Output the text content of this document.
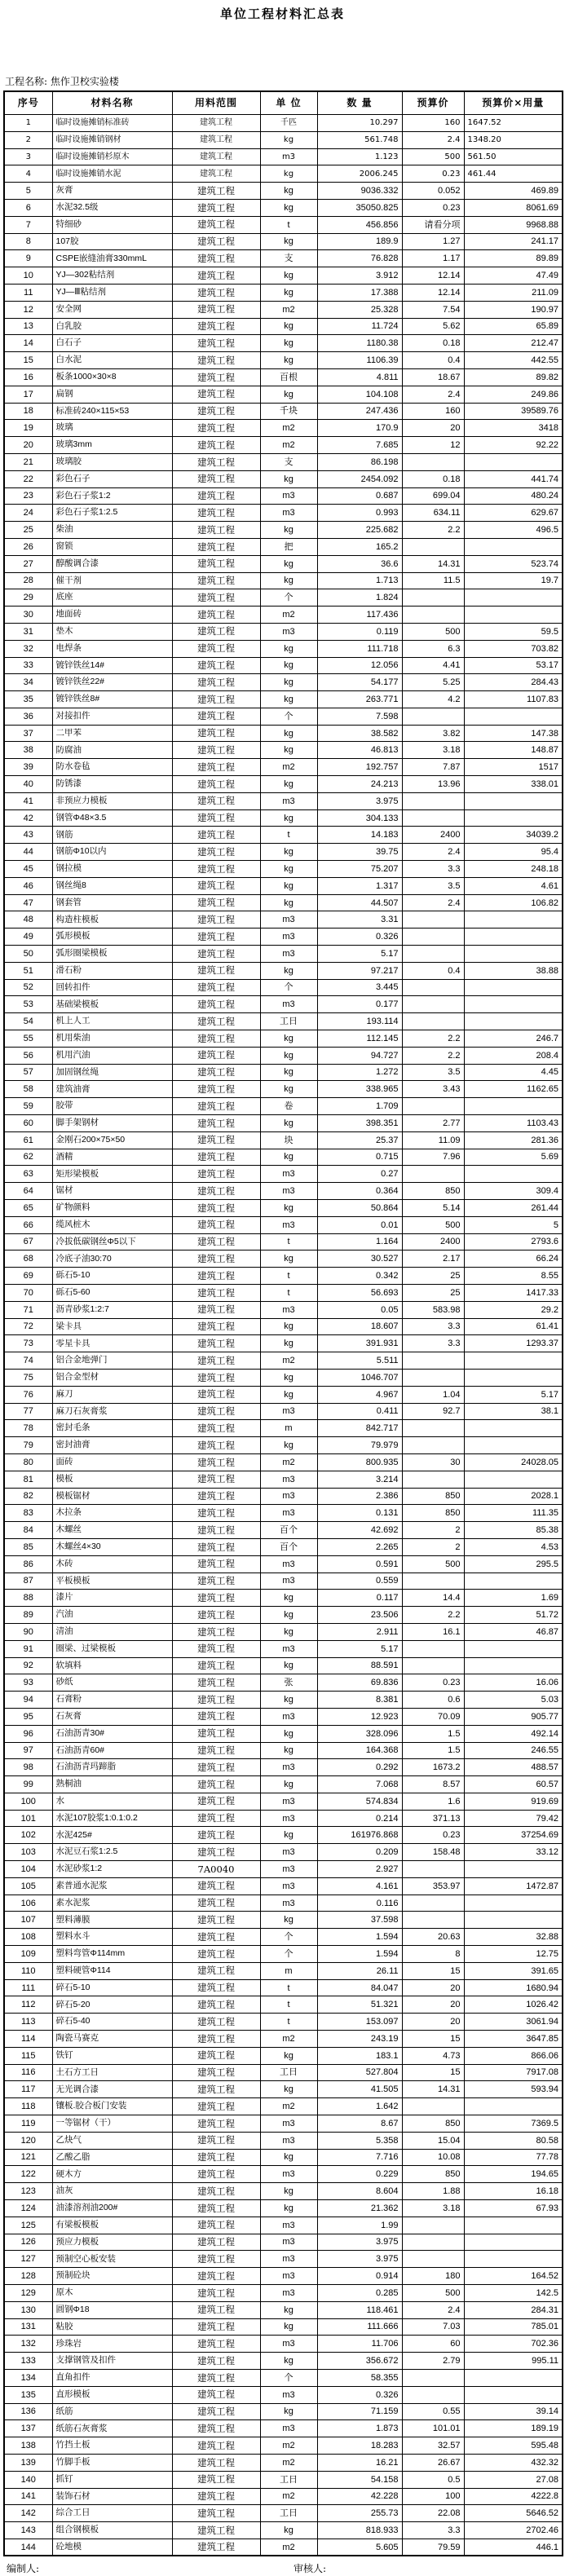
单位工程材料汇总表
工程名称: 焦作卫校实验楼
序号	材料名称	用料范围	单 位	数 量	预算价	预算价×用量
1	临时设施摊销标准砖	建筑工程	千匹	10.297	160	1647.52
2	临时设施摊销钢材	建筑工程	kg	561.748	2.4	1348.20
3	临时设施摊销杉原木	建筑工程	m3	1.123	500	561.50
4	临时设施摊销水泥	建筑工程	kg	2006.245	0.23	461.44
5	灰膏	建筑工程	kg	9036.332	0.052	469.89
6	水泥32.5级	建筑工程	kg	35050.825	0.23	8061.69
7	特细砂	建筑工程	t	456.856	请看分项	9968.88
8	107胶	建筑工程	kg	189.9	1.27	241.17
9	CSPE嵌缝油膏330mmL	建筑工程	支	76.828	1.17	89.89
10	YJ—302粘结剂	建筑工程	kg	3.912	12.14	47.49
11	YJ—Ⅲ粘结剂	建筑工程	kg	17.388	12.14	211.09
12	安全网	建筑工程	m2	25.328	7.54	190.97
13	白乳胶	建筑工程	kg	11.724	5.62	65.89
14	白石子	建筑工程	kg	1180.38	0.18	212.47
15	白水泥	建筑工程	kg	1106.39	0.4	442.55
16	板条1000×30×8	建筑工程	百根	4.811	18.67	89.82
17	扁钢	建筑工程	kg	104.108	2.4	249.86
18	标准砖240×115×53	建筑工程	千块	247.436	160	39589.76
19	玻璃	建筑工程	m2	170.9	20	3418
20	玻璃3mm	建筑工程	m2	7.685	12	92.22
21	玻璃胶	建筑工程	支	86.198		
22	彩色石子	建筑工程	kg	2454.092	0.18	441.74
23	彩色石子浆1:2	建筑工程	m3	0.687	699.04	480.24
24	彩色石子浆1:2.5	建筑工程	m3	0.993	634.11	629.67
25	柴油	建筑工程	kg	225.682	2.2	496.5
26	窗锁	建筑工程	把	165.2		
27	醇酸调合漆	建筑工程	kg	36.6	14.31	523.74
28	催干剂	建筑工程	kg	1.713	11.5	19.7
29	底座	建筑工程	个	1.824		
30	地面砖	建筑工程	m2	117.436		
31	垫木	建筑工程	m3	0.119	500	59.5
32	电焊条	建筑工程	kg	111.718	6.3	703.82
33	镀锌铁丝14#	建筑工程	kg	12.056	4.41	53.17
34	镀锌铁丝22#	建筑工程	kg	54.177	5.25	284.43
35	镀锌铁丝8#	建筑工程	kg	263.771	4.2	1107.83
36	对接扣件	建筑工程	个	7.598		
37	二甲苯	建筑工程	kg	38.582	3.82	147.38
38	防腐油	建筑工程	kg	46.813	3.18	148.87
39	防水卷毡	建筑工程	m2	192.757	7.87	1517
40	防锈漆	建筑工程	kg	24.213	13.96	338.01
41	非预应力模板	建筑工程	m3	3.975		
42	钢管Φ48×3.5	建筑工程	kg	304.133		
43	钢筋	建筑工程	t	14.183	2400	34039.2
44	钢筋Φ10以内	建筑工程	kg	39.75	2.4	95.4
45	钢拉模	建筑工程	kg	75.207	3.3	248.18
46	钢丝绳8	建筑工程	kg	1.317	3.5	4.61
47	钢套管	建筑工程	kg	44.507	2.4	106.82
48	构造柱模板	建筑工程	m3	3.31		
49	弧形模板	建筑工程	m3	0.326		
50	弧形圈梁模板	建筑工程	m3	5.17		
51	滑石粉	建筑工程	kg	97.217	0.4	38.88
52	回转扣件	建筑工程	个	3.445		
53	基础梁模板	建筑工程	m3	0.177		
54	机上人工	建筑工程	工日	193.114		
55	机用柴油	建筑工程	kg	112.145	2.2	246.7
56	机用汽油	建筑工程	kg	94.727	2.2	208.4
57	加固钢丝绳	建筑工程	kg	1.272	3.5	4.45
58	建筑油膏	建筑工程	kg	338.965	3.43	1162.65
59	胶带	建筑工程	卷	1.709		
60	脚手架钢材	建筑工程	kg	398.351	2.77	1103.43
61	金刚石200×75×50	建筑工程	块	25.37	11.09	281.36
62	酒精	建筑工程	kg	0.715	7.96	5.69
63	矩形梁模板	建筑工程	m3	0.27		
64	锯材	建筑工程	m3	0.364	850	309.4
65	矿物颜料	建筑工程	kg	50.864	5.14	261.44
66	缆风桩木	建筑工程	m3	0.01	500	5
67	冷拔低碳钢丝Φ5以下	建筑工程	t	1.164	2400	2793.6
68	冷底子油30:70	建筑工程	kg	30.527	2.17	66.24
69	砾石5-10	建筑工程	t	0.342	25	8.55
70	砾石5-60	建筑工程	t	56.693	25	1417.33
71	沥青砂浆1:2:7	建筑工程	m3	0.05	583.98	29.2
72	梁卡具	建筑工程	kg	18.607	3.3	61.41
73	零星卡具	建筑工程	kg	391.931	3.3	1293.37
74	铝合金地弹门	建筑工程	m2	5.511		
75	铝合金型材	建筑工程	kg	1046.707		
76	麻刀	建筑工程	kg	4.967	1.04	5.17
77	麻刀石灰膏浆	建筑工程	m3	0.411	92.7	38.1
78	密封毛条	建筑工程	m	842.717		
79	密封油膏	建筑工程	kg	79.979		
80	面砖	建筑工程	m2	800.935	30	24028.05
81	模板	建筑工程	m3	3.214		
82	模板锯材	建筑工程	m3	2.386	850	2028.1
83	木拉条	建筑工程	m3	0.131	850	111.35
84	木螺丝	建筑工程	百个	42.692	2	85.38
85	木螺丝4×30	建筑工程	百个	2.265	2	4.53
86	木砖	建筑工程	m3	0.591	500	295.5
87	平板模板	建筑工程	m3	0.559		
88	漆片	建筑工程	kg	0.117	14.4	1.69
89	汽油	建筑工程	kg	23.506	2.2	51.72
90	清油	建筑工程	kg	2.911	16.1	46.87
91	圈梁、过梁模板	建筑工程	m3	5.17		
92	软填料	建筑工程	kg	88.591		
93	砂纸	建筑工程	张	69.836	0.23	16.06
94	石膏粉	建筑工程	kg	8.381	0.6	5.03
95	石灰膏	建筑工程	m3	12.923	70.09	905.77
96	石油沥青30#	建筑工程	kg	328.096	1.5	492.14
97	石油沥青60#	建筑工程	kg	164.368	1.5	246.55
98	石油沥青玛蹄脂	建筑工程	m3	0.292	1673.2	488.57
99	熟桐油	建筑工程	kg	7.068	8.57	60.57
100	水	建筑工程	m3	574.834	1.6	919.69
101	水泥107胶浆1:0.1:0.2	建筑工程	m3	0.214	371.13	79.42
102	水泥425#	建筑工程	kg	161976.868	0.23	37254.69
103	水泥豆石浆1:2.5	建筑工程	m3	0.209	158.48	33.12
104	水泥砂浆1:2	7A0040	m3	2.927		
105	素普通水泥浆	建筑工程	m3	4.161	353.97	1472.87
106	素水泥浆	建筑工程	m3	0.116		
107	塑料薄膜	建筑工程	kg	37.598		
108	塑料水斗	建筑工程	个	1.594	20.63	32.88
109	塑料弯管Φ114mm	建筑工程	个	1.594	8	12.75
110	塑料硬管Φ114	建筑工程	m	26.11	15	391.65
111	碎石5-10	建筑工程	t	84.047	20	1680.94
112	碎石5-20	建筑工程	t	51.321	20	1026.42
113	碎石5-40	建筑工程	t	153.097	20	3061.94
114	陶瓷马赛克	建筑工程	m2	243.19	15	3647.85
115	铁钉	建筑工程	kg	183.1	4.73	866.06
116	土石方工日	建筑工程	工日	527.804	15	7917.08
117	无光调合漆	建筑工程	kg	41.505	14.31	593.94
118	镶板.胶合板门安装	建筑工程	m2	1.642		
119	一等锯材（干）	建筑工程	m3	8.67	850	7369.5
120	乙炔气	建筑工程	m3	5.358	15.04	80.58
121	乙酸乙脂	建筑工程	kg	7.716	10.08	77.78
122	硬木方	建筑工程	m3	0.229	850	194.65
123	油灰	建筑工程	kg	8.604	1.88	16.18
124	油漆溶剂油200#	建筑工程	kg	21.362	3.18	67.93
125	有梁板模板	建筑工程	m3	1.99		
126	预应力模板	建筑工程	m3	3.975		
127	预制空心板安装	建筑工程	m3	3.975		
128	预制砼块	建筑工程	m3	0.914	180	164.52
129	原木	建筑工程	m3	0.285	500	142.5
130	圆钢Φ18	建筑工程	kg	118.461	2.4	284.31
131	粘胶	建筑工程	kg	111.666	7.03	785.01
132	珍珠岩	建筑工程	m3	11.706	60	702.36
133	支撑钢管及扣件	建筑工程	kg	356.672	2.79	995.11
134	直角扣件	建筑工程	个	58.355		
135	直形模板	建筑工程	m3	0.326		
136	纸筋	建筑工程	kg	71.159	0.55	39.14
137	纸筋石灰膏浆	建筑工程	m3	1.873	101.01	189.19
138	竹挡土板	建筑工程	m2	18.283	32.57	595.48
139	竹脚手板	建筑工程	m2	16.21	26.67	432.32
140	抓钉	建筑工程	工日	54.158	0.5	27.08
141	装饰石材	建筑工程	m2	42.228	100	4222.8
142	综合工日	建筑工程	工日	255.73	22.08	5646.52
143	组合钢模板	建筑工程	kg	818.933	3.3	2702.46
144	砼地模	建筑工程	m2	5.605	79.59	446.1
编制人:	审核人:
